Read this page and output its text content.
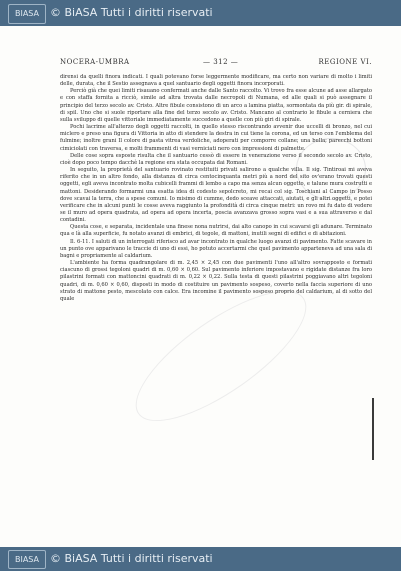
BIASA © BiASA Tutti i diritti riservati
NOCERA-UMBRA	— 312 —	REGIONE VI.

dirensi da quelli finora indicati. I quali potevano forse leggermente modificare, ma certo non variare di molto i limiti delle, durata, che il Sestio assegnava a quel santuario degli oggetti finora incorporati.

Perciò già che quei limiti risauano confermati anche dalle Santo raccolto. Vi trovo fra esse alcune ad asse allargato e con staffa fornita a ricciò, simile ad altra trovata dalle necropoli di Numana, ed alle quali si può assegnare il principio del terzo secolo av. Cristo. Altre fibule consistono di un arco a lamina piatta, sormontata da più gir. di spirale, di spil. Uno che si suole riportare alla fine del terzo secolo av. Cristo. Mancano al contrario le fibule a cerniera che sulla sviluppo di quelle vittoriale immediatamente succedono a quelle con più giri di spirale.

Pochi lacrime all'alterzo degli oggetti raccolti, in quello stesso riscontrando avvenir due uccelli di bronzo, nel cui miclero e preso una figura di Vittoria in atto di stendere la destra in cui tiene la corona, ed un terso con l'emblema del fulmine; inoltre grani Il colore di pasta vitrea verdoliche, adoperati per comporre collane; una bulla; parecchi bottoni cimiciolati con traversa, e molti frammenti di vasi verniciati nero con impressioni di palmette.

Delle cose sopra esposte risulta che il santuario cessò di essere in venerazione verso il secondo secolo av. Cristo, cioè dopo poco tempo dacchè la regione era stata occupata dai Romani.

In seguito, la proprietà del santuario rovinato restituiti privati salirono a qualche villa. Il sig. Tintiroai mi aveva riferito che in un altro fondo, alla distanza di circa centocinquanta metri più a nord del sito ov'erano trovati questi oggetti, egli aveva incontrato molta cubicelli frammi di lembo a capo ma senza alcun oggetto, e talune mura costrutti e mattoni. Desiderando formarmi una esatta idea di codesto sepolcreto, mi recai col sig. Toschiani al Campo in Posso dove scavai la terra, che a spese comuni. Io misimo di cumme, dedo sceave attaccati, aiutati, e gli altri oggetti, e potei verificare che in alcuni punti le cosse aveva raggiunto la profondità di circa cinque metri: un rovo mi fu dato di vedere se il muro ad opera quadrata, ad opera ad opera incerta, poscia avanzava grosso sopra vasi e a sua attraverso e dal contadini.

Questa cose, e separata, incidentale una finese nona nutrirsi, dai alto canopo in cui scavarsi gli adunare. Terminato qua e là alla superficie, fu notato avanzi di embrici, di tegole, di mattoni, inutili segni di edifici e di abitazioni.

Il. 6-11. I saluti di un interrogati riferisco ad avar incontrato in qualche luogo avanzi di pavimento. Fatte scavare in un punto ove apparivano le traccie di uno di essi, ho potuto accertarmi che quel pavimento apparteneva ad una sala di bagni e propriamente al caldarium.

L'ambiente ha forma quadrangolare di m. 2,45 × 2,45 con due pavimenti l'uno all'altro sovrapposto e formati ciascuno di grossi tegoloni quadri di m. 0,60 × 0,60. Sul pavimento inferiore impostavano e rigidate distanze fra loro pilastrini formati con mattoncini quadrati di m. 0,22 × 0,22. Sulla testa di questi pilastrini poggiavano altri tegoloni quadri, di m. 0,60 × 0,60, disposti in modo di costituire un pavimento sospeso, coverto nella faccia superiore di uno strato di mattone pesto, mescolato con calce. Era incomine il pavimento sospeso proprio del caldarium, al di sotto del quale

BIASA © BiASA Tutti i diritti riservati
